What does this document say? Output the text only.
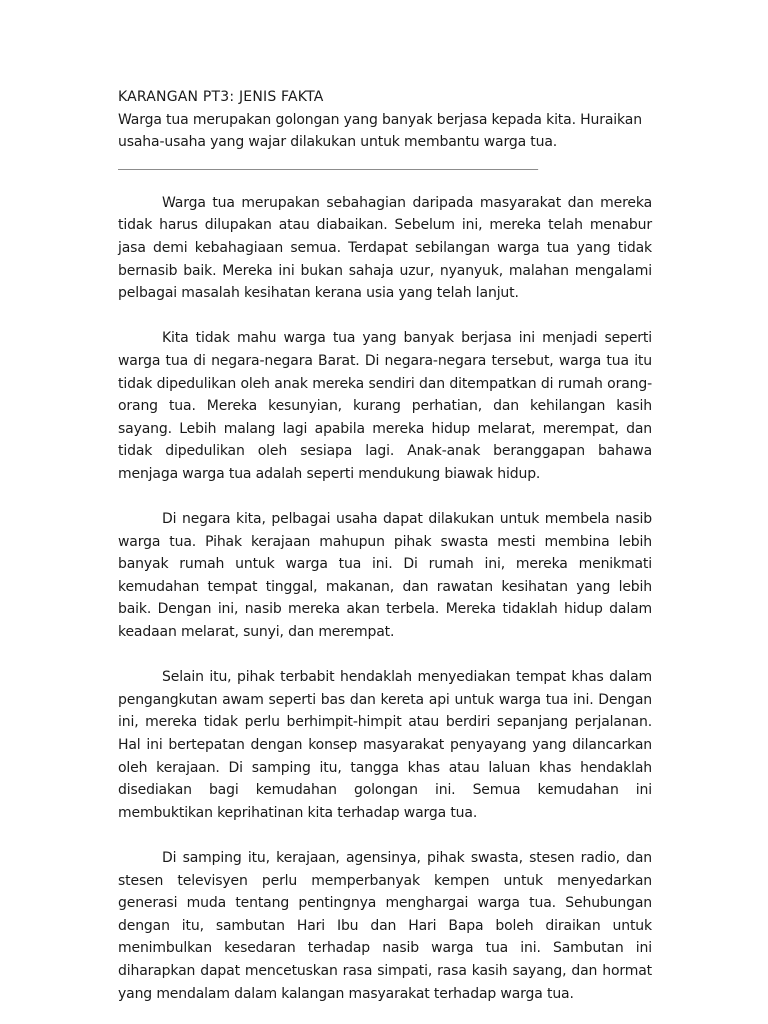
KARANGAN PT3: JENIS FAKTA

Warga tua merupakan golongan yang banyak berjasa kepada kita. Huraikan usaha-usaha yang wajar dilakukan untuk membantu warga tua.

____________________________________________________________

Warga tua merupakan sebahagian daripada masyarakat dan mereka tidak harus dilupakan atau diabaikan. Sebelum ini, mereka telah menabur jasa demi kebahagiaan semua. Terdapat sebilangan warga tua yang tidak bernasib baik. Mereka ini bukan sahaja uzur, nyanyuk, malahan mengalami pelbagai masalah kesihatan kerana usia yang telah lanjut.

Kita tidak mahu warga tua yang banyak berjasa ini menjadi seperti warga tua di negara-negara Barat. Di negara-negara tersebut, warga tua itu tidak dipedulikan oleh anak mereka sendiri dan ditempatkan di rumah orang-orang tua. Mereka kesunyian, kurang perhatian, dan kehilangan kasih sayang. Lebih malang lagi apabila mereka hidup melarat, merempat, dan tidak dipedulikan oleh sesiapa lagi. Anak-anak beranggapan bahawa menjaga warga tua adalah seperti mendukung biawak hidup.

Di negara kita, pelbagai usaha dapat dilakukan untuk membela nasib warga tua. Pihak kerajaan mahupun pihak swasta mesti membina lebih banyak rumah untuk warga tua ini. Di rumah ini, mereka menikmati kemudahan tempat tinggal, makanan, dan rawatan kesihatan yang lebih baik. Dengan ini, nasib mereka akan terbela. Mereka tidaklah hidup dalam keadaan melarat, sunyi, dan merempat.

Selain itu, pihak terbabit hendaklah menyediakan tempat khas dalam pengangkutan awam seperti bas dan kereta api untuk warga tua ini. Dengan ini, mereka tidak perlu berhimpit-himpit atau berdiri sepanjang perjalanan. Hal ini bertepatan dengan konsep masyarakat penyayang yang dilancarkan oleh kerajaan. Di samping itu, tangga khas atau laluan khas hendaklah disediakan bagi kemudahan golongan ini. Semua kemudahan ini membuktikan keprihatinan kita terhadap warga tua.

Di samping itu, kerajaan, agensinya, pihak swasta, stesen radio, dan stesen televisyen perlu memperbanyak kempen untuk menyedarkan generasi muda tentang pentingnya menghargai warga tua. Sehubungan dengan itu, sambutan Hari Ibu dan Hari Bapa boleh diraikan untuk menimbulkan kesedaran terhadap nasib warga tua ini. Sambutan ini diharapkan dapat mencetuskan rasa simpati, rasa kasih sayang, dan hormat yang mendalam dalam kalangan masyarakat terhadap warga tua.
